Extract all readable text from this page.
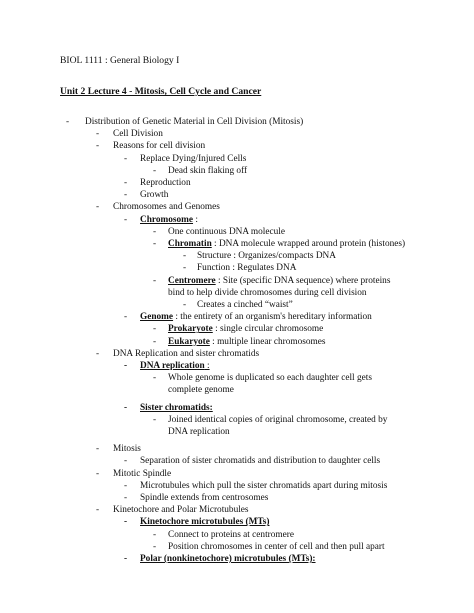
BIOL 1111 : General Biology I
Unit 2 Lecture 4 - Mitosis, Cell Cycle and Cancer
- Distribution of Genetic Material in Cell Division (Mitosis)
- Cell Division
- Reasons for cell division
- Replace Dying/Injured Cells
- Dead skin flaking off
- Reproduction
- Growth
- Chromosomes and Genomes
- Chromosome :
- One continuous DNA molecule
- Chromatin : DNA molecule wrapped around protein (histones)
- Structure : Organizes/compacts DNA
- Function : Regulates DNA
- Centromere : Site (specific DNA sequence) where proteins bind to help divide chromosomes during cell division
- Creates a cinched “waist”
- Genome : the entirety of an organism's hereditary information
- Prokaryote : single circular chromosome
- Eukaryote : multiple linear chromosomes
- DNA Replication and sister chromatids
- DNA replication :
- Whole genome is duplicated so each daughter cell gets complete genome
- Sister chromatids:
- Joined identical copies of original chromosome, created by DNA replication
- Mitosis
- Separation of sister chromatids and distribution to daughter cells
- Mitotic Spindle
- Microtubules which pull the sister chromatids apart during mitosis
- Spindle extends from centrosomes
- Kinetochore and Polar Microtubules
- Kinetochore microtubules (MTs)
- Connect to proteins at centromere
- Position chromosomes in center of cell and then pull apart
- Polar (nonkinetochore) microtubules (MTs):
